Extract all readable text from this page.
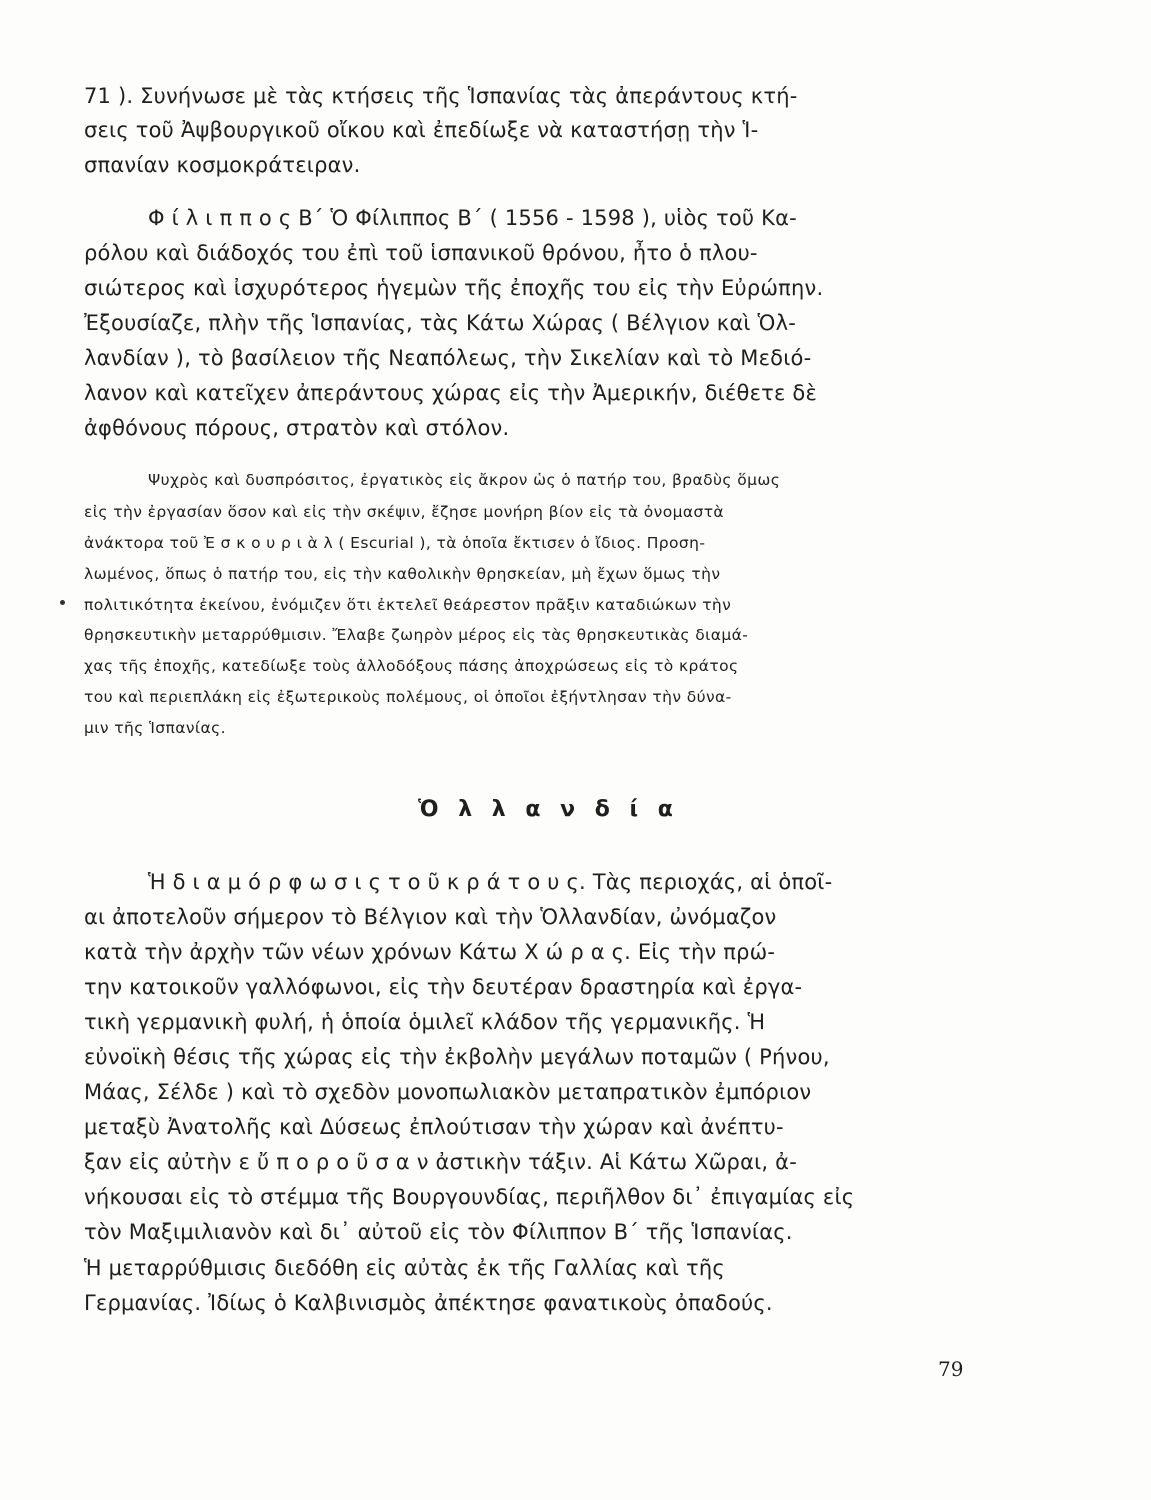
71 ). Συνήνωσε μὲ τὰς κτήσεις τῆς Ἱσπανίας τὰς ἀπεράντους κτή-
σεις τοῦ Ἀψβουργικοῦ οἴκου καὶ ἐπεδίωξε νὰ καταστήσῃ τὴν Ἱ-
σπανίαν κοσμοκράτειραν.
Φ ί λ ι π π ο ς Β΄ Ὁ Φίλιππος Β΄ ( 1556 - 1598 ), υἱὸς τοῦ Κα-
ρόλου καὶ διάδοχός του ἐπὶ τοῦ ἱσπανικοῦ θρόνου, ἦτο ὁ πλου-
σιώτερος καὶ ἰσχυρότερος ἡγεμὼν τῆς ἐποχῆς του εἰς τὴν Εὐρώπην.
Ἐξουσίαζε, πλὴν τῆς Ἱσπανίας, τὰς Κάτω Χώρας ( Βέλγιον καὶ Ὁλ-
λανδίαν ), τὸ βασίλειον τῆς Νεαπόλεως, τὴν Σικελίαν καὶ τὸ Μεδιό-
λανον καὶ κατεῖχεν ἀπεράντους χώρας εἰς τὴν Ἀμερικήν, διέθετε δὲ
ἀφθόνους πόρους, στρατὸν καὶ στόλον.
Ψυχρὸς καὶ δυσπρόσιτος, ἐργατικὸς εἰς ἄκρον ὡς ὁ πατήρ του, βραδὺς ὅμως
εἰς τὴν ἐργασίαν ὅσον καὶ εἰς τὴν σκέψιν, ἔζησε μονήρη βίον εἰς τὰ ὀνομαστὰ
ἀνάκτορα τοῦ Ἐ σ κ ο υ ρ ι ὰ λ ( Escurial ), τὰ ὁποῖα ἔκτισεν ὁ ἴδιος. Προση-
λωμένος, ὅπως ὁ πατήρ του, εἰς τὴν καθολικὴν θρησκείαν, μὴ ἔχων ὅμως τὴν
πολιτικότητα ἐκείνου, ἐνόμιζεν ὅτι ἐκτελεῖ θεάρεστον πρᾶξιν καταδιώκων τὴν
θρησκευτικὴν μεταρρύθμισιν. Ἔλαβε ζωηρὸν μέρος εἰς τὰς θρησκευτικὰς διαμά-
χας τῆς ἐποχῆς, κατεδίωξε τοὺς ἀλλοδόξους πάσης ἀποχρώσεως εἰς τὸ κράτος
του καὶ περιεπλάκη εἰς ἐξωτερικοὺς πολέμους, οἱ ὁποῖοι ἐξήντλησαν τὴν δύνα-
μιν τῆς Ἱσπανίας.
Ὁ λ λ α ν δ ί α
Ἡ δ ι α μ ό ρ φ ω σ ι ς τ ο ῦ κ ρ ά τ ο υ ς. Τὰς περιοχάς, αἱ ὁποῖ-
αι ἀποτελοῦν σήμερον τὸ Βέλγιον καὶ τὴν Ὁλλανδίαν, ὠνόμαζον
κατὰ τὴν ἀρχὴν τῶν νέων χρόνων Κάτω Χ ώ ρ α ς. Εἰς τὴν πρώ-
την κατοικοῦν γαλλόφωνοι, εἰς τὴν δευτέραν δραστηρία καὶ ἐργα-
τικὴ γερμανικὴ φυλή, ἡ ὁποία ὁμιλεῖ κλάδον τῆς γερμανικῆς. Ἡ
εὐνοϊκὴ θέσις τῆς χώρας εἰς τὴν ἐκβολὴν μεγάλων ποταμῶν ( Ρήνου,
Μάας, Σέλδε ) καὶ τὸ σχεδὸν μονοπωλιακὸν μεταπρατικὸν ἐμπόριον
μεταξὺ Ἀνατολῆς καὶ Δύσεως ἐπλούτισαν τὴν χώραν καὶ ἀνέπτυ-
ξαν εἰς αὐτὴν ε ὔ π ο ρ ο ῦ σ α ν ἀστικὴν τάξιν. Αἱ Κάτω Χῶραι, ἀ-
νήκουσαι εἰς τὸ στέμμα τῆς Βουργουνδίας, περιῆλθον δι᾽ ἐπιγαμίας εἰς
τὸν Μαξιμιλιανὸν καὶ δι᾽ αὐτοῦ εἰς τὸν Φίλιππον Β΄ τῆς Ἱσπανίας.
Ἡ μεταρρύθμισις διεδόθη εἰς αὐτὰς ἐκ τῆς Γαλλίας καὶ τῆς
Γερμανίας. Ἰδίως ὁ Καλβινισμὸς ἀπέκτησε φανατικοὺς ὀπαδούς.
79
